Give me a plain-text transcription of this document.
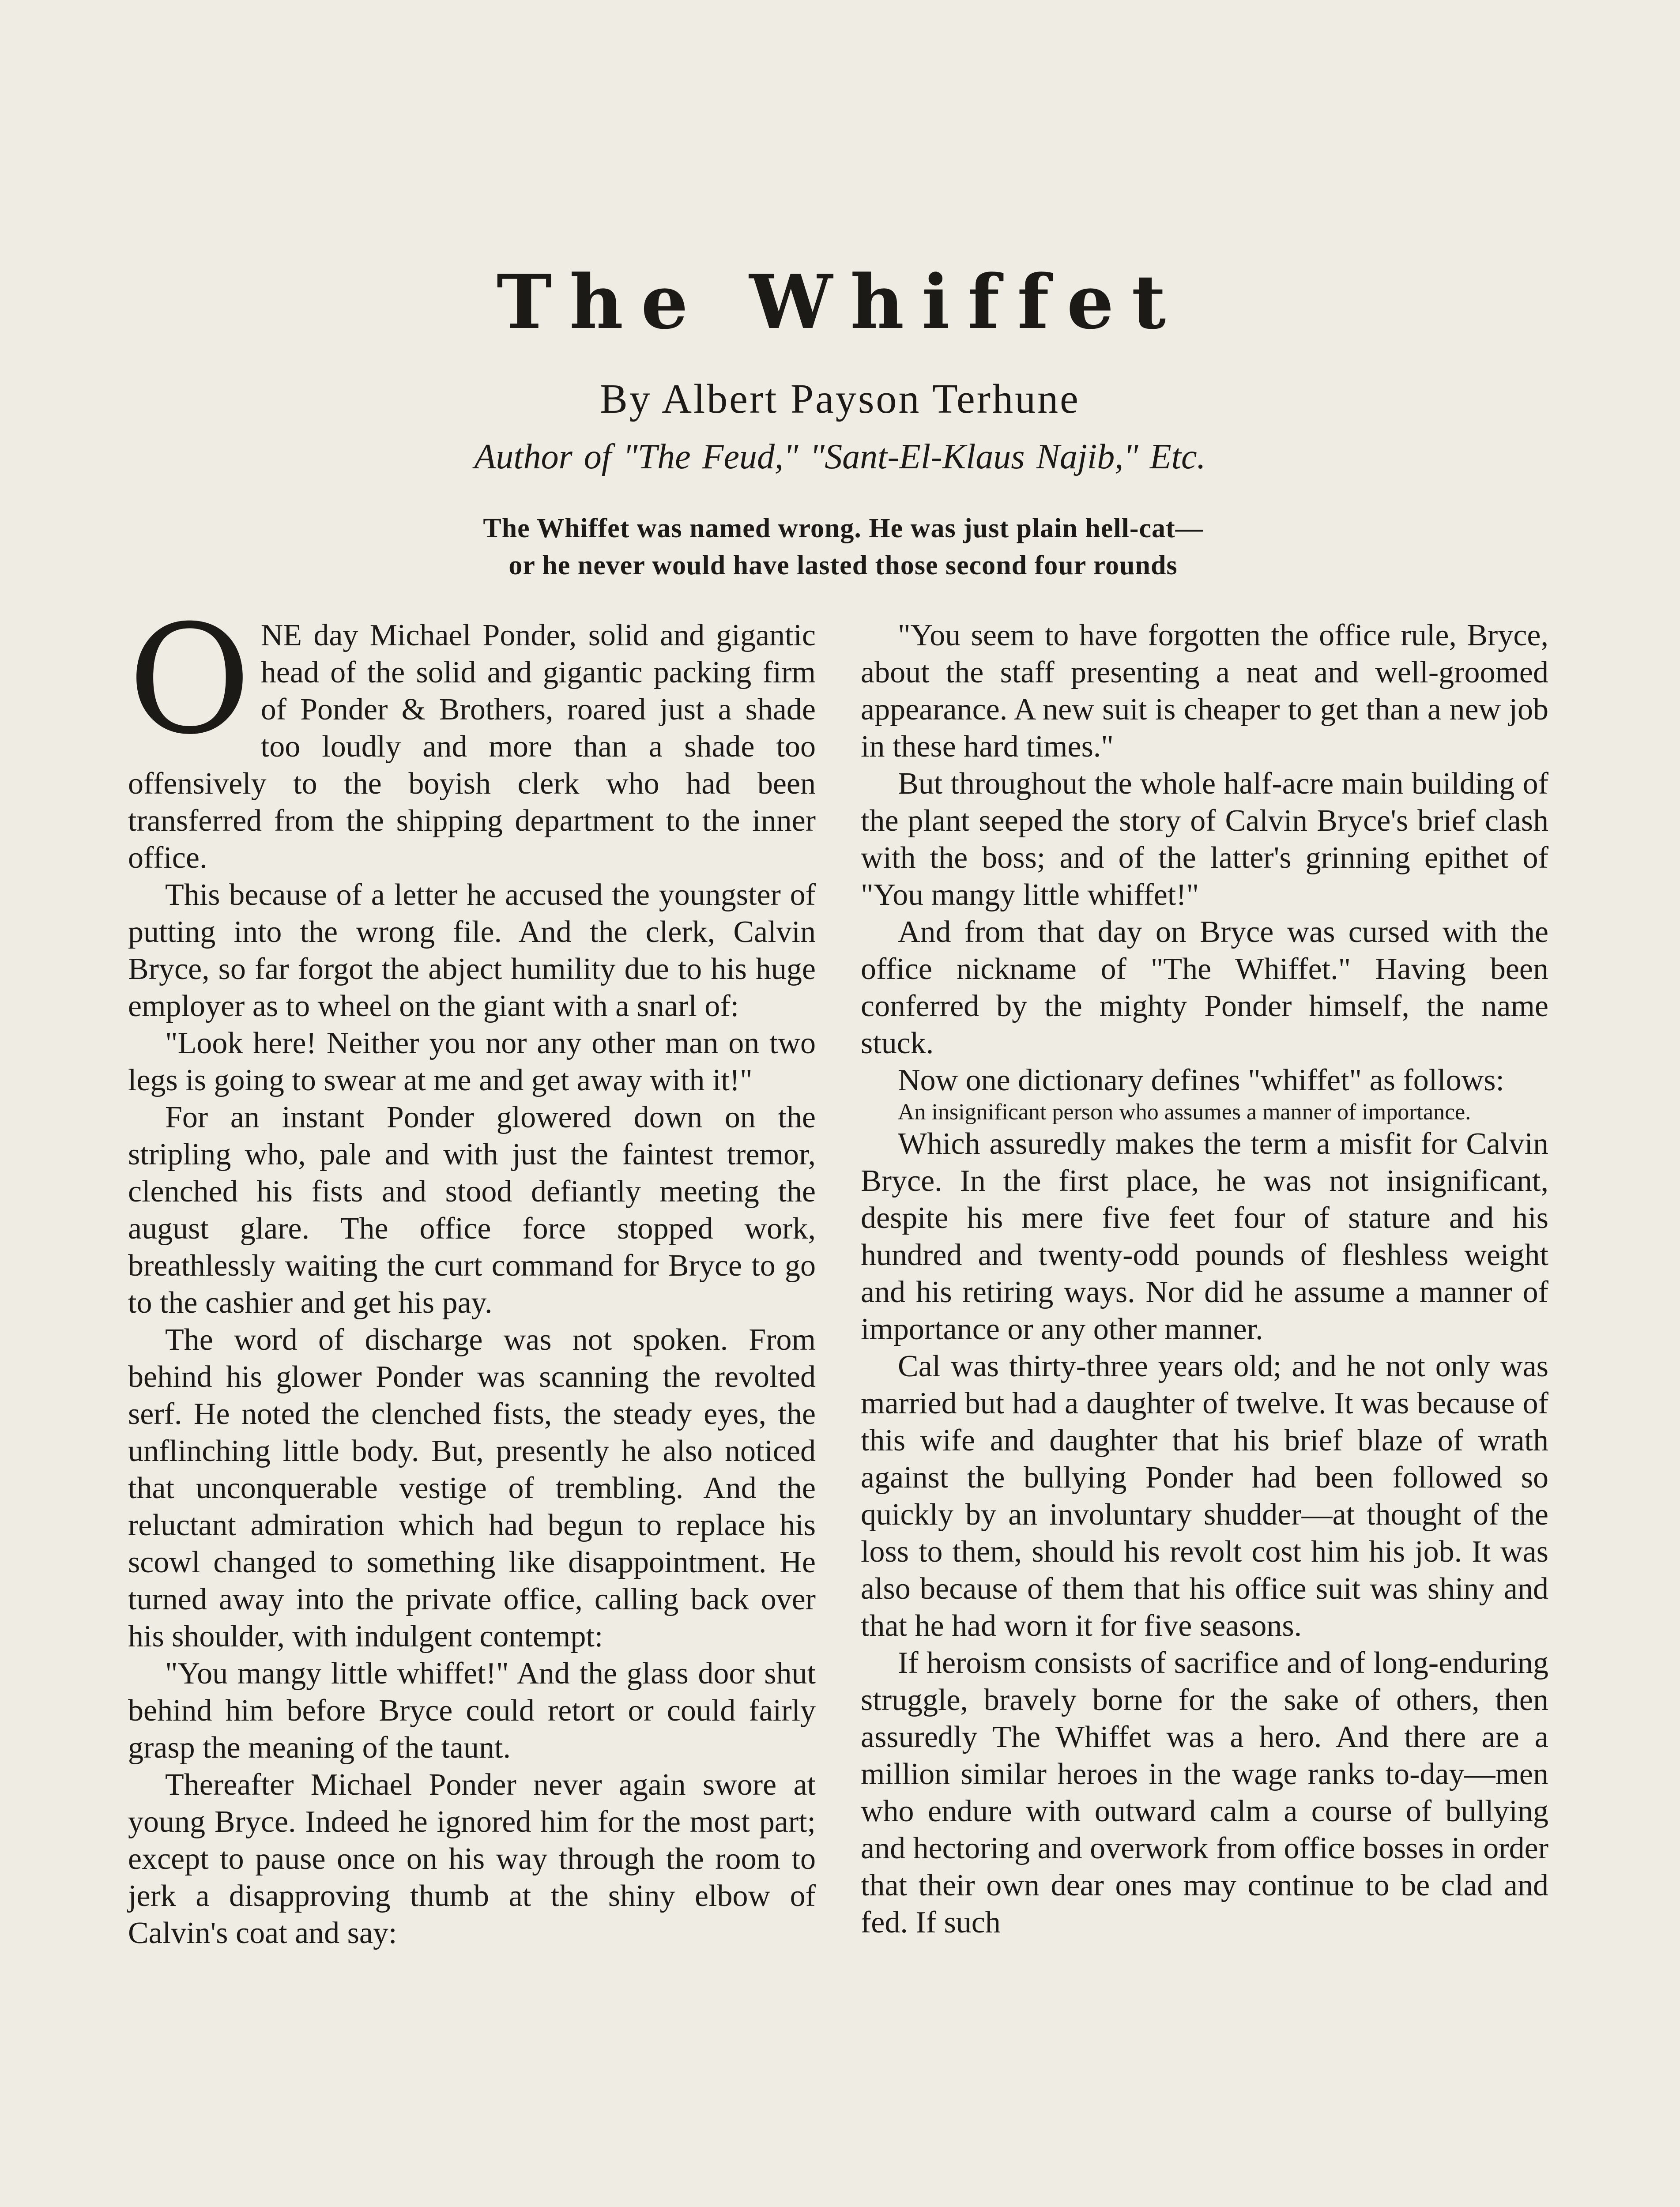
The Whiffet
By Albert Payson Terhune
Author of "The Feud," "Sant-El-Klaus Najib," Etc.
The Whiffet was named wrong. He was just plain hell-cat—
or he never would have lasted those second four rounds

ONE day Michael Ponder, solid and gigantic head of the solid and gigantic packing firm of Ponder & Brothers, roared just a shade too loudly and more than a shade too offensively to the boyish clerk who had been transferred from the shipping department to the inner office.

This because of a letter he accused the youngster of putting into the wrong file. And the clerk, Calvin Bryce, so far forgot the abject humility due to his huge employer as to wheel on the giant with a snarl of:

"Look here! Neither you nor any other man on two legs is going to swear at me and get away with it!"

For an instant Ponder glowered down on the stripling who, pale and with just the faintest tremor, clenched his fists and stood defiantly meeting the august glare. The office force stopped work, breathlessly waiting the curt command for Bryce to go to the cashier and get his pay.

The word of discharge was not spoken. From behind his glower Ponder was scanning the revolted serf. He noted the clenched fists, the steady eyes, the unflinching little body. But, presently he also noticed that unconquerable vestige of trembling. And the reluctant admiration which had begun to replace his scowl changed to something like disappointment. He turned away into the private office, calling back over his shoulder, with indulgent contempt:

"You mangy little whiffet!" And the glass door shut behind him before Bryce could retort or could fairly grasp the meaning of the taunt.

Thereafter Michael Ponder never again swore at young Bryce. Indeed he ignored him for the most part; except to pause once on his way through the room to jerk a disapproving thumb at the shiny elbow of Calvin's coat and say:

"You seem to have forgotten the office rule, Bryce, about the staff presenting a neat and well-groomed appearance. A new suit is cheaper to get than a new job in these hard times."

But throughout the whole half-acre main building of the plant seeped the story of Calvin Bryce's brief clash with the boss; and of the latter's grinning epithet of "You mangy little whiffet!"

And from that day on Bryce was cursed with the office nickname of "The Whiffet." Having been conferred by the mighty Ponder himself, the name stuck.

Now one dictionary defines "whiffet" as follows:

An insignificant person who assumes a manner of importance.

Which assuredly makes the term a misfit for Calvin Bryce. In the first place, he was not insignificant, despite his mere five feet four of stature and his hundred and twenty-odd pounds of fleshless weight and his retiring ways. Nor did he assume a manner of importance or any other manner.

Cal was thirty-three years old; and he not only was married but had a daughter of twelve. It was because of this wife and daughter that his brief blaze of wrath against the bullying Ponder had been followed so quickly by an involuntary shudder—at thought of the loss to them, should his revolt cost him his job. It was also because of them that his office suit was shiny and that he had worn it for five seasons.

If heroism consists of sacrifice and of long-enduring struggle, bravely borne for the sake of others, then assuredly The Whiffet was a hero. And there are a million similar heroes in the wage ranks to-day—men who endure with outward calm a course of bullying and hectoring and overwork from office bosses in order that their own dear ones may continue to be clad and fed. If such
